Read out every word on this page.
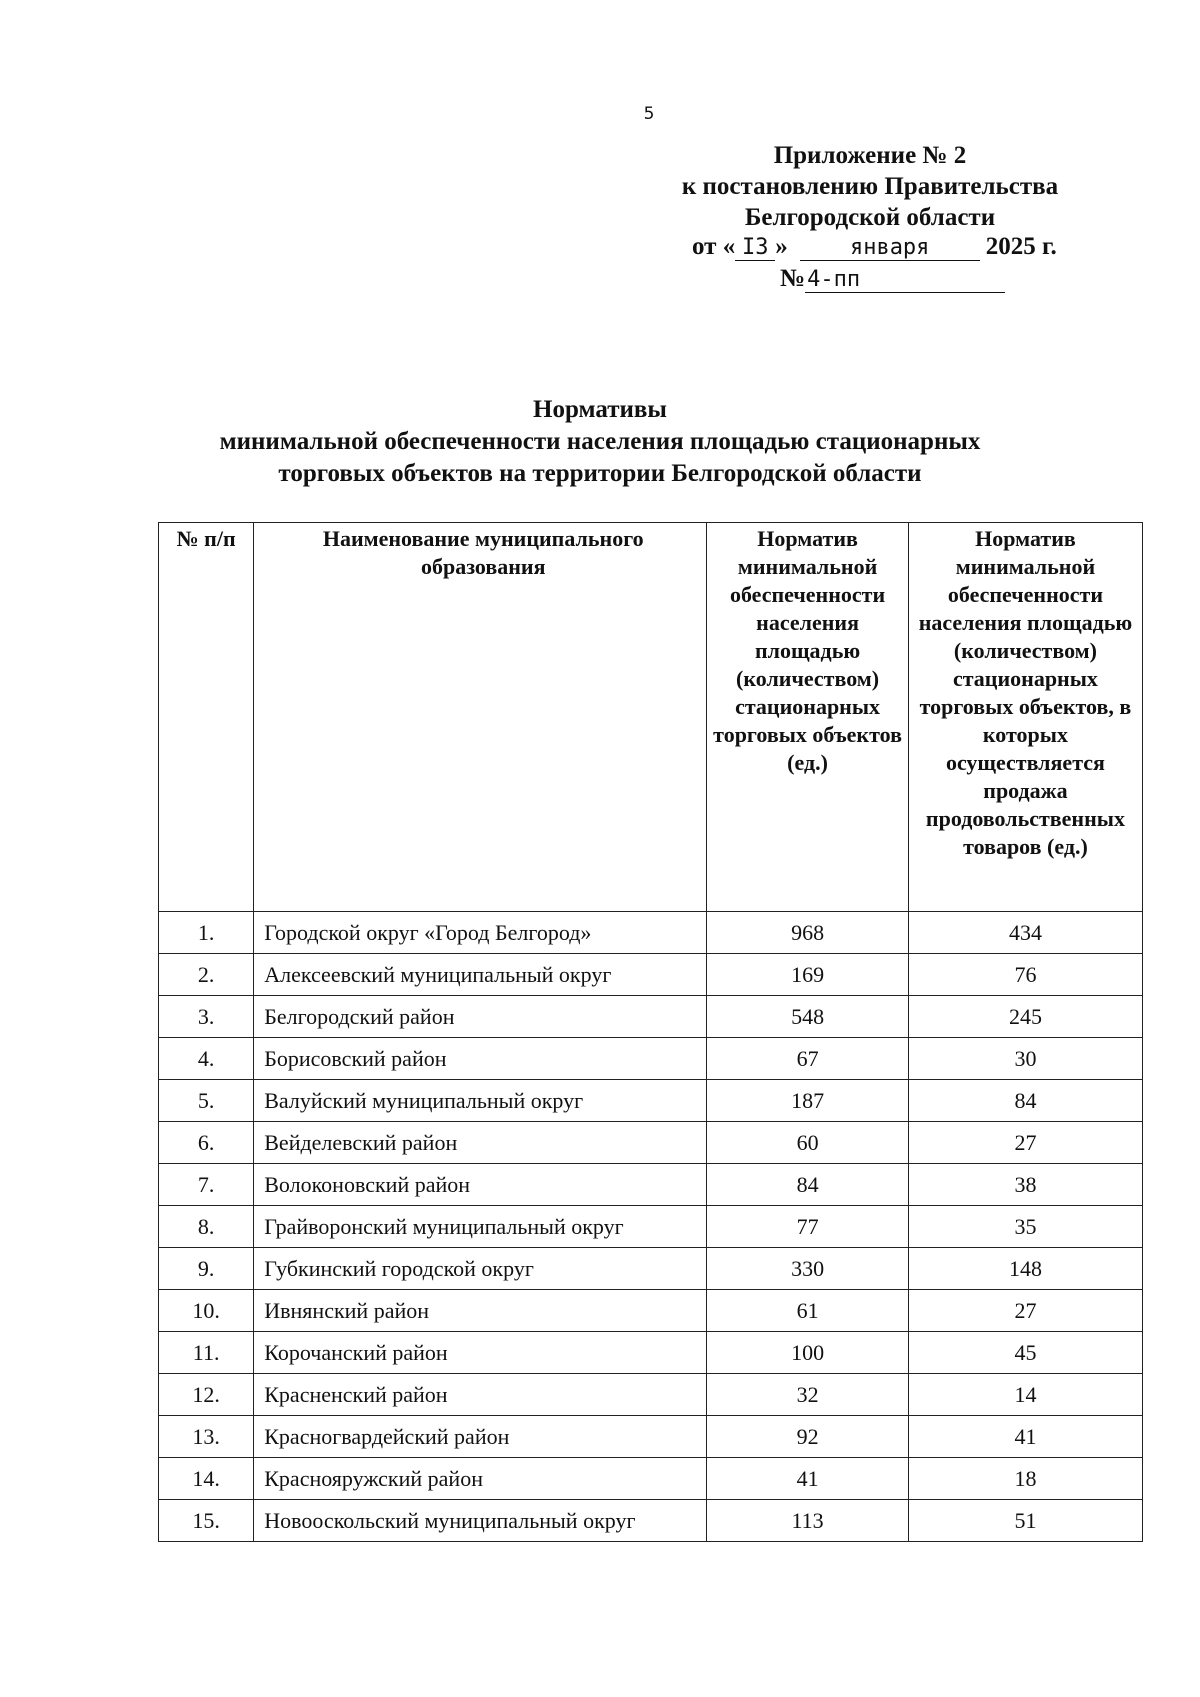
5
Приложение № 2
к постановлению Правительства
Белгородской области
от « I3 »	января 2025 г.
№4-пп
Нормативы
минимальной обеспеченности населения площадью стационарных
торговых объектов на территории Белгородской области
№ п/п	Наименование муниципального образования	Норматив минимальной обеспеченности населения площадью (количеством) стационарных торговых объектов (ед.)	Норматив минимальной обеспеченности населения площадью (количеством) стационарных торговых объектов, в которых осуществляется продажа продовольственных товаров (ед.)
1.	Городской округ «Город Белгород»	968	434
2.	Алексеевский муниципальный округ	169	76
3.	Белгородский район	548	245
4.	Борисовский район	67	30
5.	Валуйский муниципальный округ	187	84
6.	Вейделевский район	60	27
7.	Волоконовский район	84	38
8.	Грайворонский муниципальный округ	77	35
9.	Губкинский городской округ	330	148
10.	Ивнянский район	61	27
11.	Корочанский район	100	45
12.	Красненский район	32	14
13.	Красногвардейский район	92	41
14.	Краснояружский район	41	18
15.	Новооскольский муниципальный округ	113	51
